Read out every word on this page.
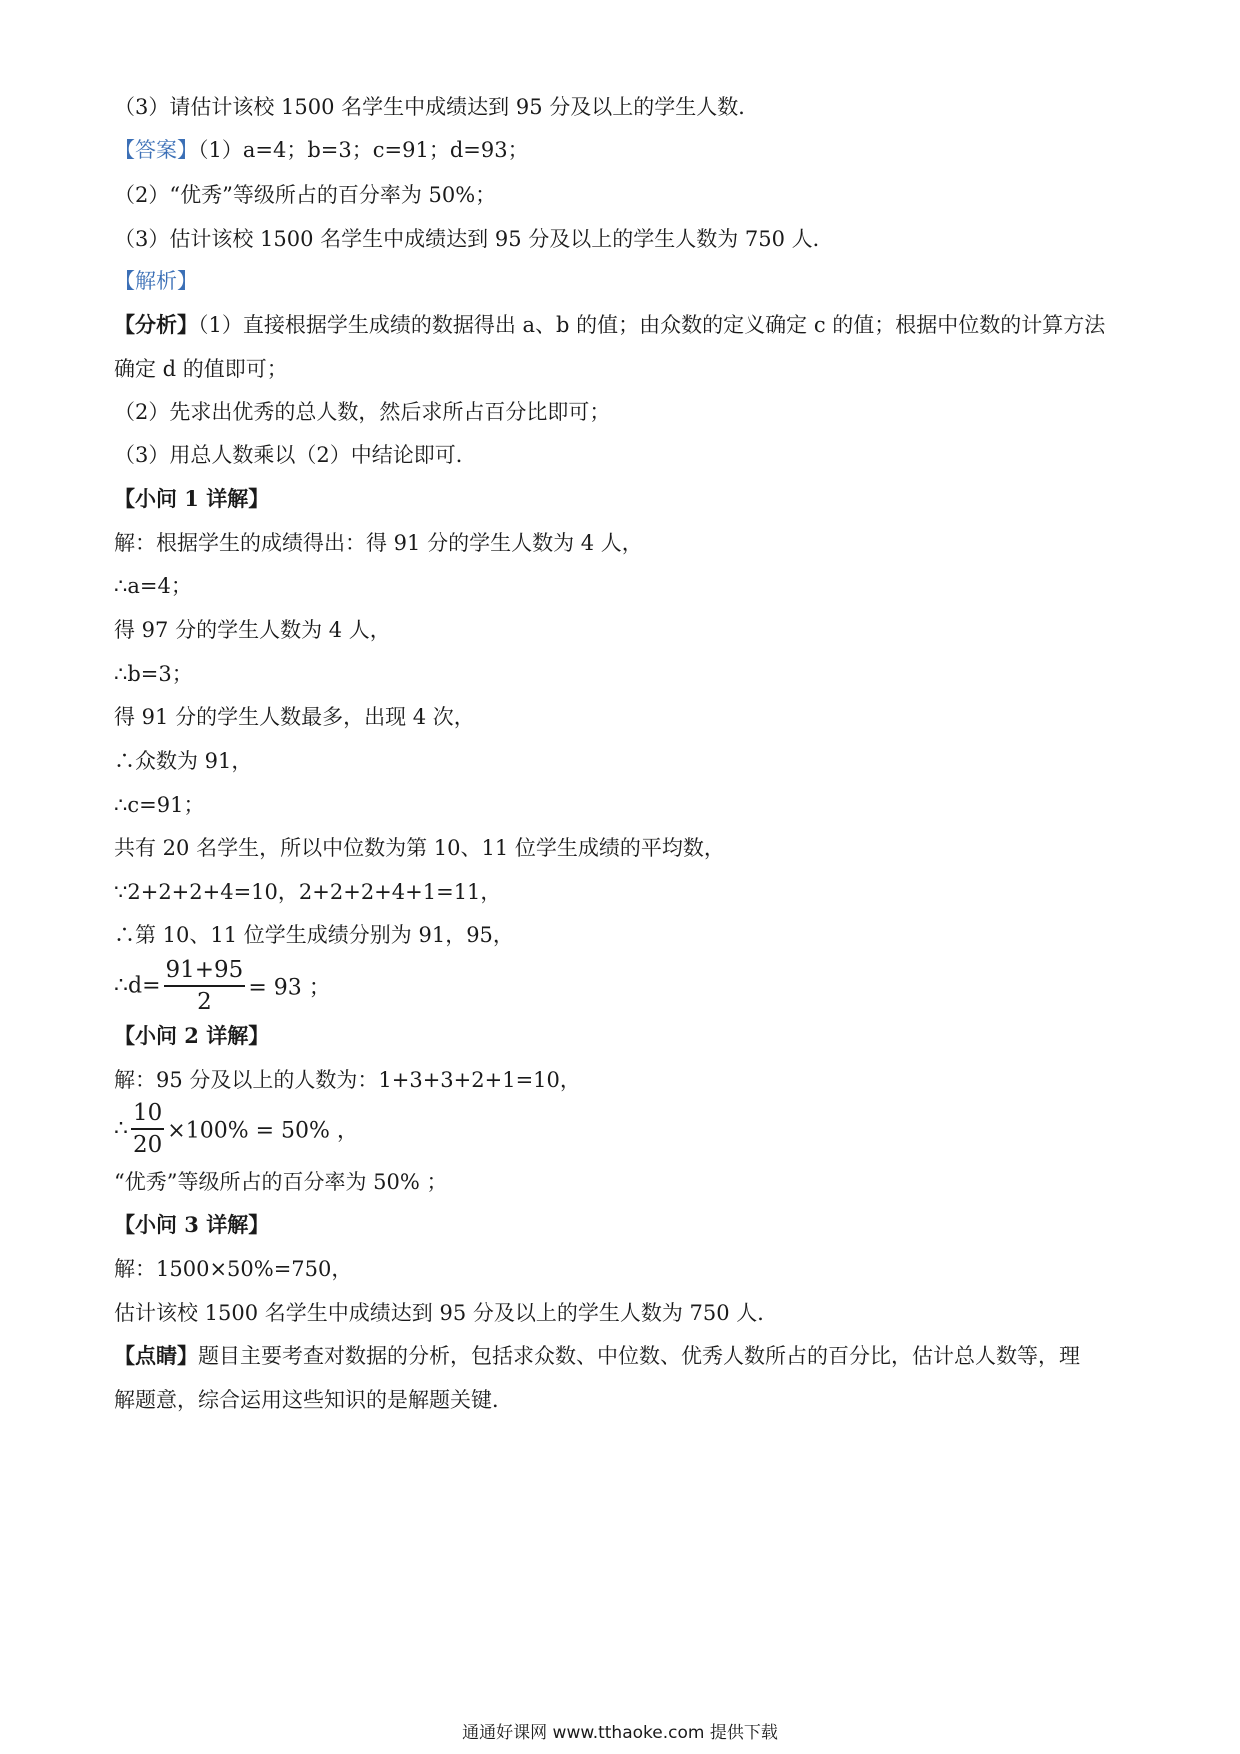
（3）请估计该校 1500 名学生中成绩达到 95 分及以上的学生人数．
【答案】（1）a=4；b=3；c=91；d=93；
（2）“优秀”等级所占的百分率为 50%；
（3）估计该校 1500 名学生中成绩达到 95 分及以上的学生人数为 750 人．
【解析】
【分析】（1）直接根据学生成绩的数据得出 a、b 的值；由众数的定义确定 c 的值；根据中位数的计算方法
确定 d 的值即可；
（2）先求出优秀的总人数，然后求所占百分比即可；
（3）用总人数乘以（2）中结论即可．
【小问 1 详解】
解：根据学生的成绩得出：得 91 分的学生人数为 4 人，
∴a=4；
得 97 分的学生人数为 4 人，
∴b=3；
得 91 分的学生人数最多，出现 4 次，
∴众数为 91，
∴c=91；
共有 20 名学生，所以中位数为第 10、11 位学生成绩的平均数，
∵2+2+2+4=10，2+2+2+4+1=11，
∴第 10、11 位学生成绩分别为 91，95，
∴d= $\frac{91+95}{2} = 93$ ；
【小问 2 详解】
解：95 分及以上的人数为：1+3+3+2+1=10，
∴ $\frac{10}{20} \times 100\% = 50\%$ ，
“优秀”等级所占的百分率为 50% ；
【小问 3 详解】
解：1500×50%=750，
估计该校 1500 名学生中成绩达到 95 分及以上的学生人数为 750 人．
【点睛】题目主要考查对数据的分析，包括求众数、中位数、优秀人数所占的百分比，估计总人数等，理
解题意，综合运用这些知识的是解题关键．
通通好课网 www.tthaoke.com 提供下载
